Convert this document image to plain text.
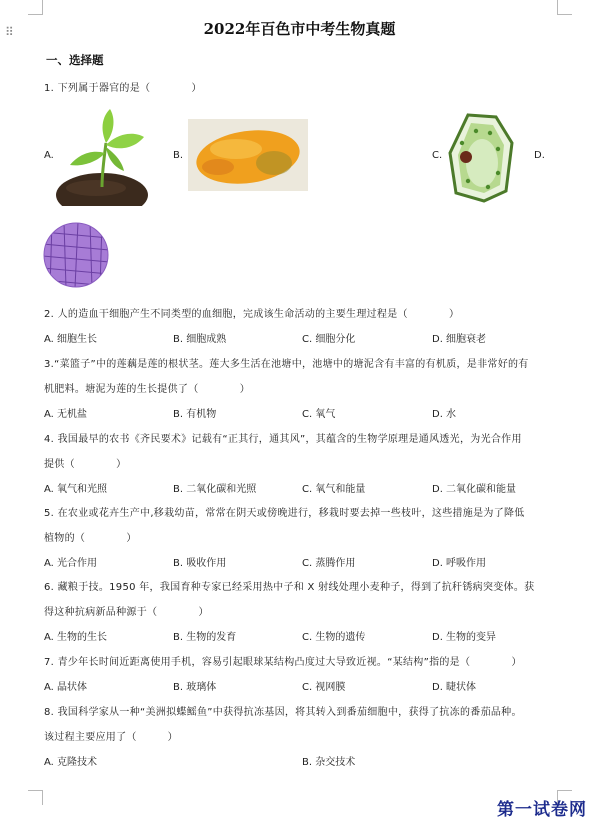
⠿	2022年百色市中考生物真题
一、选择题
1. 下列属于器官的是（　　　　）
A.	B.	C.	D.
2. 人的造血干细胞产生不同类型的血细胞，完成该生命活动的主要生理过程是（　　　　）
A. 细胞生长	B. 细胞成熟	C. 细胞分化	D. 细胞衰老
3.“菜篮子”中的莲藕是莲的根状茎。莲大多生活在池塘中，池塘中的塘泥含有丰富的有机质，是非常好的有
机肥料。塘泥为莲的生长提供了（　　　　）
A. 无机盐	B. 有机物	C. 氧气	D. 水
4. 我国最早的农书《齐民要术》记载有“正其行，通其风”，其蕴含的生物学原理是通风透光，为光合作用
提供（　　　　）
A. 氧气和光照	B. 二氧化碳和光照	C. 氧气和能量	D. 二氧化碳和能量
5. 在农业或花卉生产中,移栽幼苗，常常在阴天或傍晚进行，移栽时要去掉一些枝叶，这些措施是为了降低
植物的（　　　　）
A. 光合作用	B. 吸收作用	C. 蒸腾作用	D. 呼吸作用
6. 藏粮于技。1950 年，我国育种专家已经采用热中子和 X 射线处理小麦种子，得到了抗秆锈病突变体。获
得这种抗病新品种源于（　　　　）
A. 生物的生长	B. 生物的发育	C. 生物的遗传	D. 生物的变异
7. 青少年长时间近距离使用手机，容易引起眼球某结构凸度过大导致近视。“某结构”指的是（　　　　）
A. 晶状体	B. 玻璃体	C. 视网膜	D. 睫状体
8. 我国科学家从一种“美洲拟蝶鳐鱼”中获得抗冻基因，将其转入到番茄细胞中，获得了抗冻的番茄品种。
该过程主要应用了（　　　）
A. 克隆技术	B. 杂交技术
第一试卷网
